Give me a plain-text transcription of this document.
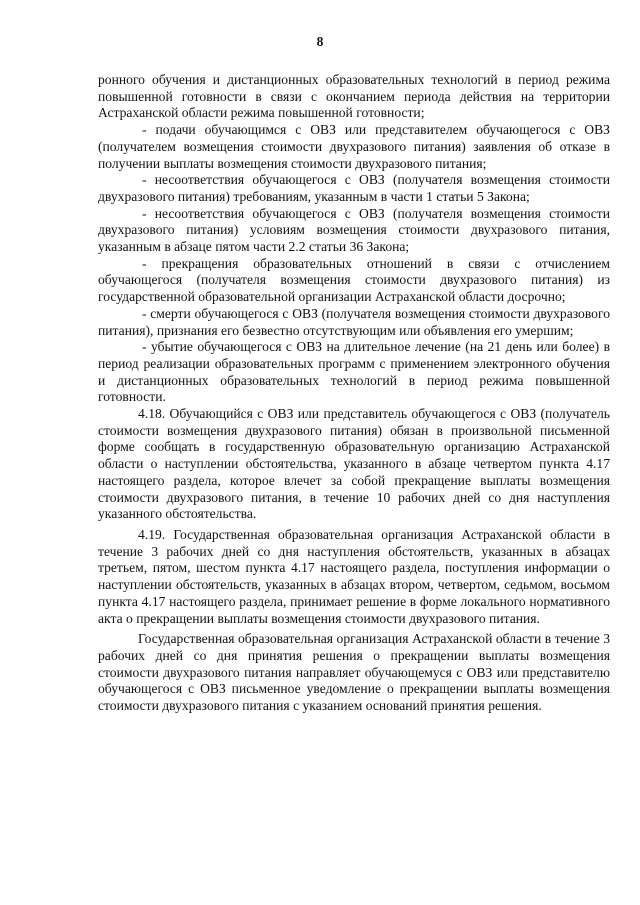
8

ронного обучения и дистанционных образовательных технологий в период режима повышенной готовности в связи с окончанием периода действия на территории Астраханской области режима повышенной готовности;

- подачи обучающимся с ОВЗ или представителем обучающегося с ОВЗ (получателем возмещения стоимости двухразового питания) заявления об отказе в получении выплаты возмещения стоимости двухразового питания;

- несоответствия обучающегося с ОВЗ (получателя возмещения стоимости двухразового питания) требованиям, указанным в части 1 статьи 5 Закона;

- несоответствия обучающегося с ОВЗ (получателя возмещения стоимости двухразового питания) условиям возмещения стоимости двухразового питания, указанным в абзаце пятом части 2.2 статьи 36 Закона;

- прекращения образовательных отношений в связи с отчислением обучающегося (получателя возмещения стоимости двухразового питания) из государственной образовательной организации Астраханской области досрочно;

- смерти обучающегося с ОВЗ (получателя возмещения стоимости двухразового питания), признания его безвестно отсутствующим или объявления его умершим;

- убытие обучающегося с ОВЗ на длительное лечение (на 21 день или более) в период реализации образовательных программ с применением электронного обучения и дистанционных образовательных технологий в период режима повышенной готовности.

4.18. Обучающийся с ОВЗ или представитель обучающегося с ОВЗ (получатель стоимости возмещения двухразового питания) обязан в произвольной письменной форме сообщать в государственную образовательную организацию Астраханской области о наступлении обстоятельства, указанного в абзаце четвертом пункта 4.17 настоящего раздела, которое влечет за собой прекращение выплаты возмещения стоимости двухразового питания, в течение 10 рабочих дней со дня наступления указанного обстоятельства.

4.19. Государственная образовательная организация Астраханской области в течение 3 рабочих дней со дня наступления обстоятельств, указанных в абзацах третьем, пятом, шестом пункта 4.17 настоящего раздела, поступления информации о наступлении обстоятельств, указанных в абзацах втором, четвертом, седьмом, восьмом пункта 4.17 настоящего раздела, принимает решение в форме локального нормативного акта о прекращении выплаты возмещения стоимости двухразового питания.

Государственная образовательная организация Астраханской области в течение 3 рабочих дней со дня принятия решения о прекращении выплаты возмещения стоимости двухразового питания направляет обучающемуся с ОВЗ или представителю обучающегося с ОВЗ письменное уведомление о прекращении выплаты возмещения стоимости двухразового питания с указанием оснований принятия решения.
